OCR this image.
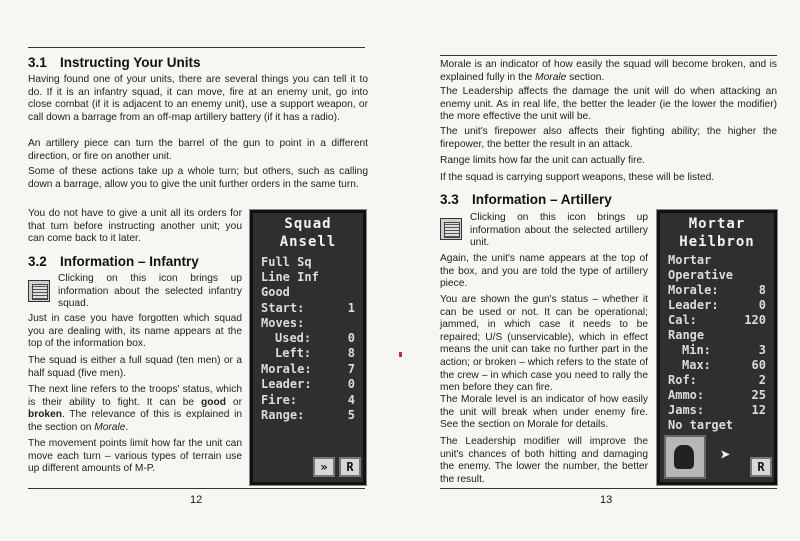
3.1 Instructing Your Units
Having found one of your units, there are several things you can tell it to do. If it is an infantry squad, it can move, fire at an enemy unit, go into close combat (if it is adjacent to an enemy unit), use a support weapon, or call down a barrage from an off-map artillery battery (if it has a radio).
An artillery piece can turn the barrel of the gun to point in a different direction, or fire on another unit.
Some of these actions take up a whole turn; but others, such as calling down a barrage, allow you to give the unit further orders in the same turn.
You do not have to give a unit all its orders for that turn before instructing another unit; you can come back to it later.
3.2 Information – Infantry
Clicking on this icon brings up information about the selected infantry squad.
Just in case you have forgotten which squad you are dealing with, its name appears at the top of the information box.
The squad is either a full squad (ten men) or a half squad (five men).
The next line refers to the troops' status, which is their ability to fight. It can be good or broken. The relevance of this is explained in the section on Morale.
The movement points limit how far the unit can move each turn – various types of terrain use up different amounts of M-P.
Squad
Ansell
Full Sq
Line Inf
Good
Start:	1
Moves:
Used:	0
Left:	8
Morale:	7
Leader:	0
Fire:	4
Range:	5
»	R
12
Morale is an indicator of how easily the squad will become broken, and is explained fully in the Morale section.
The Leadership affects the damage the unit will do when attacking an enemy unit. As in real life, the better the leader (ie the lower the modifier) the more effective the unit will be.
The unit's firepower also affects their fighting ability; the higher the firepower, the better the result in an attack.
Range limits how far the unit can actually fire.
If the squad is carrying support weapons, these will be listed.
3.3 Information – Artillery
Clicking on this icon brings up information about the selected artillery unit.
Again, the unit's name appears at the top of the box, and you are told the type of artillery piece.
You are shown the gun's status – whether it can be used or not. It can be operational; jammed, in which case it needs to be repaired; U/S (unservicable), which in effect means the unit can take no further part in the action; or broken – which refers to the state of the crew – in which case you need to rally the men before they can fire.
The Morale level is an indicator of how easily the unit will break when under enemy fire. See the section on Morale for details.
The Leadership modifier will improve the unit's chances of both hitting and damaging the enemy. The lower the number, the better the result.
Mortar
Heilbron
Mortar
Operative
Morale:	8
Leader:	0
Cal:	120
Range
Min:	3
Max:	60
Rof:	2
Ammo:	25
Jams:	12
No target
➤
R
13
